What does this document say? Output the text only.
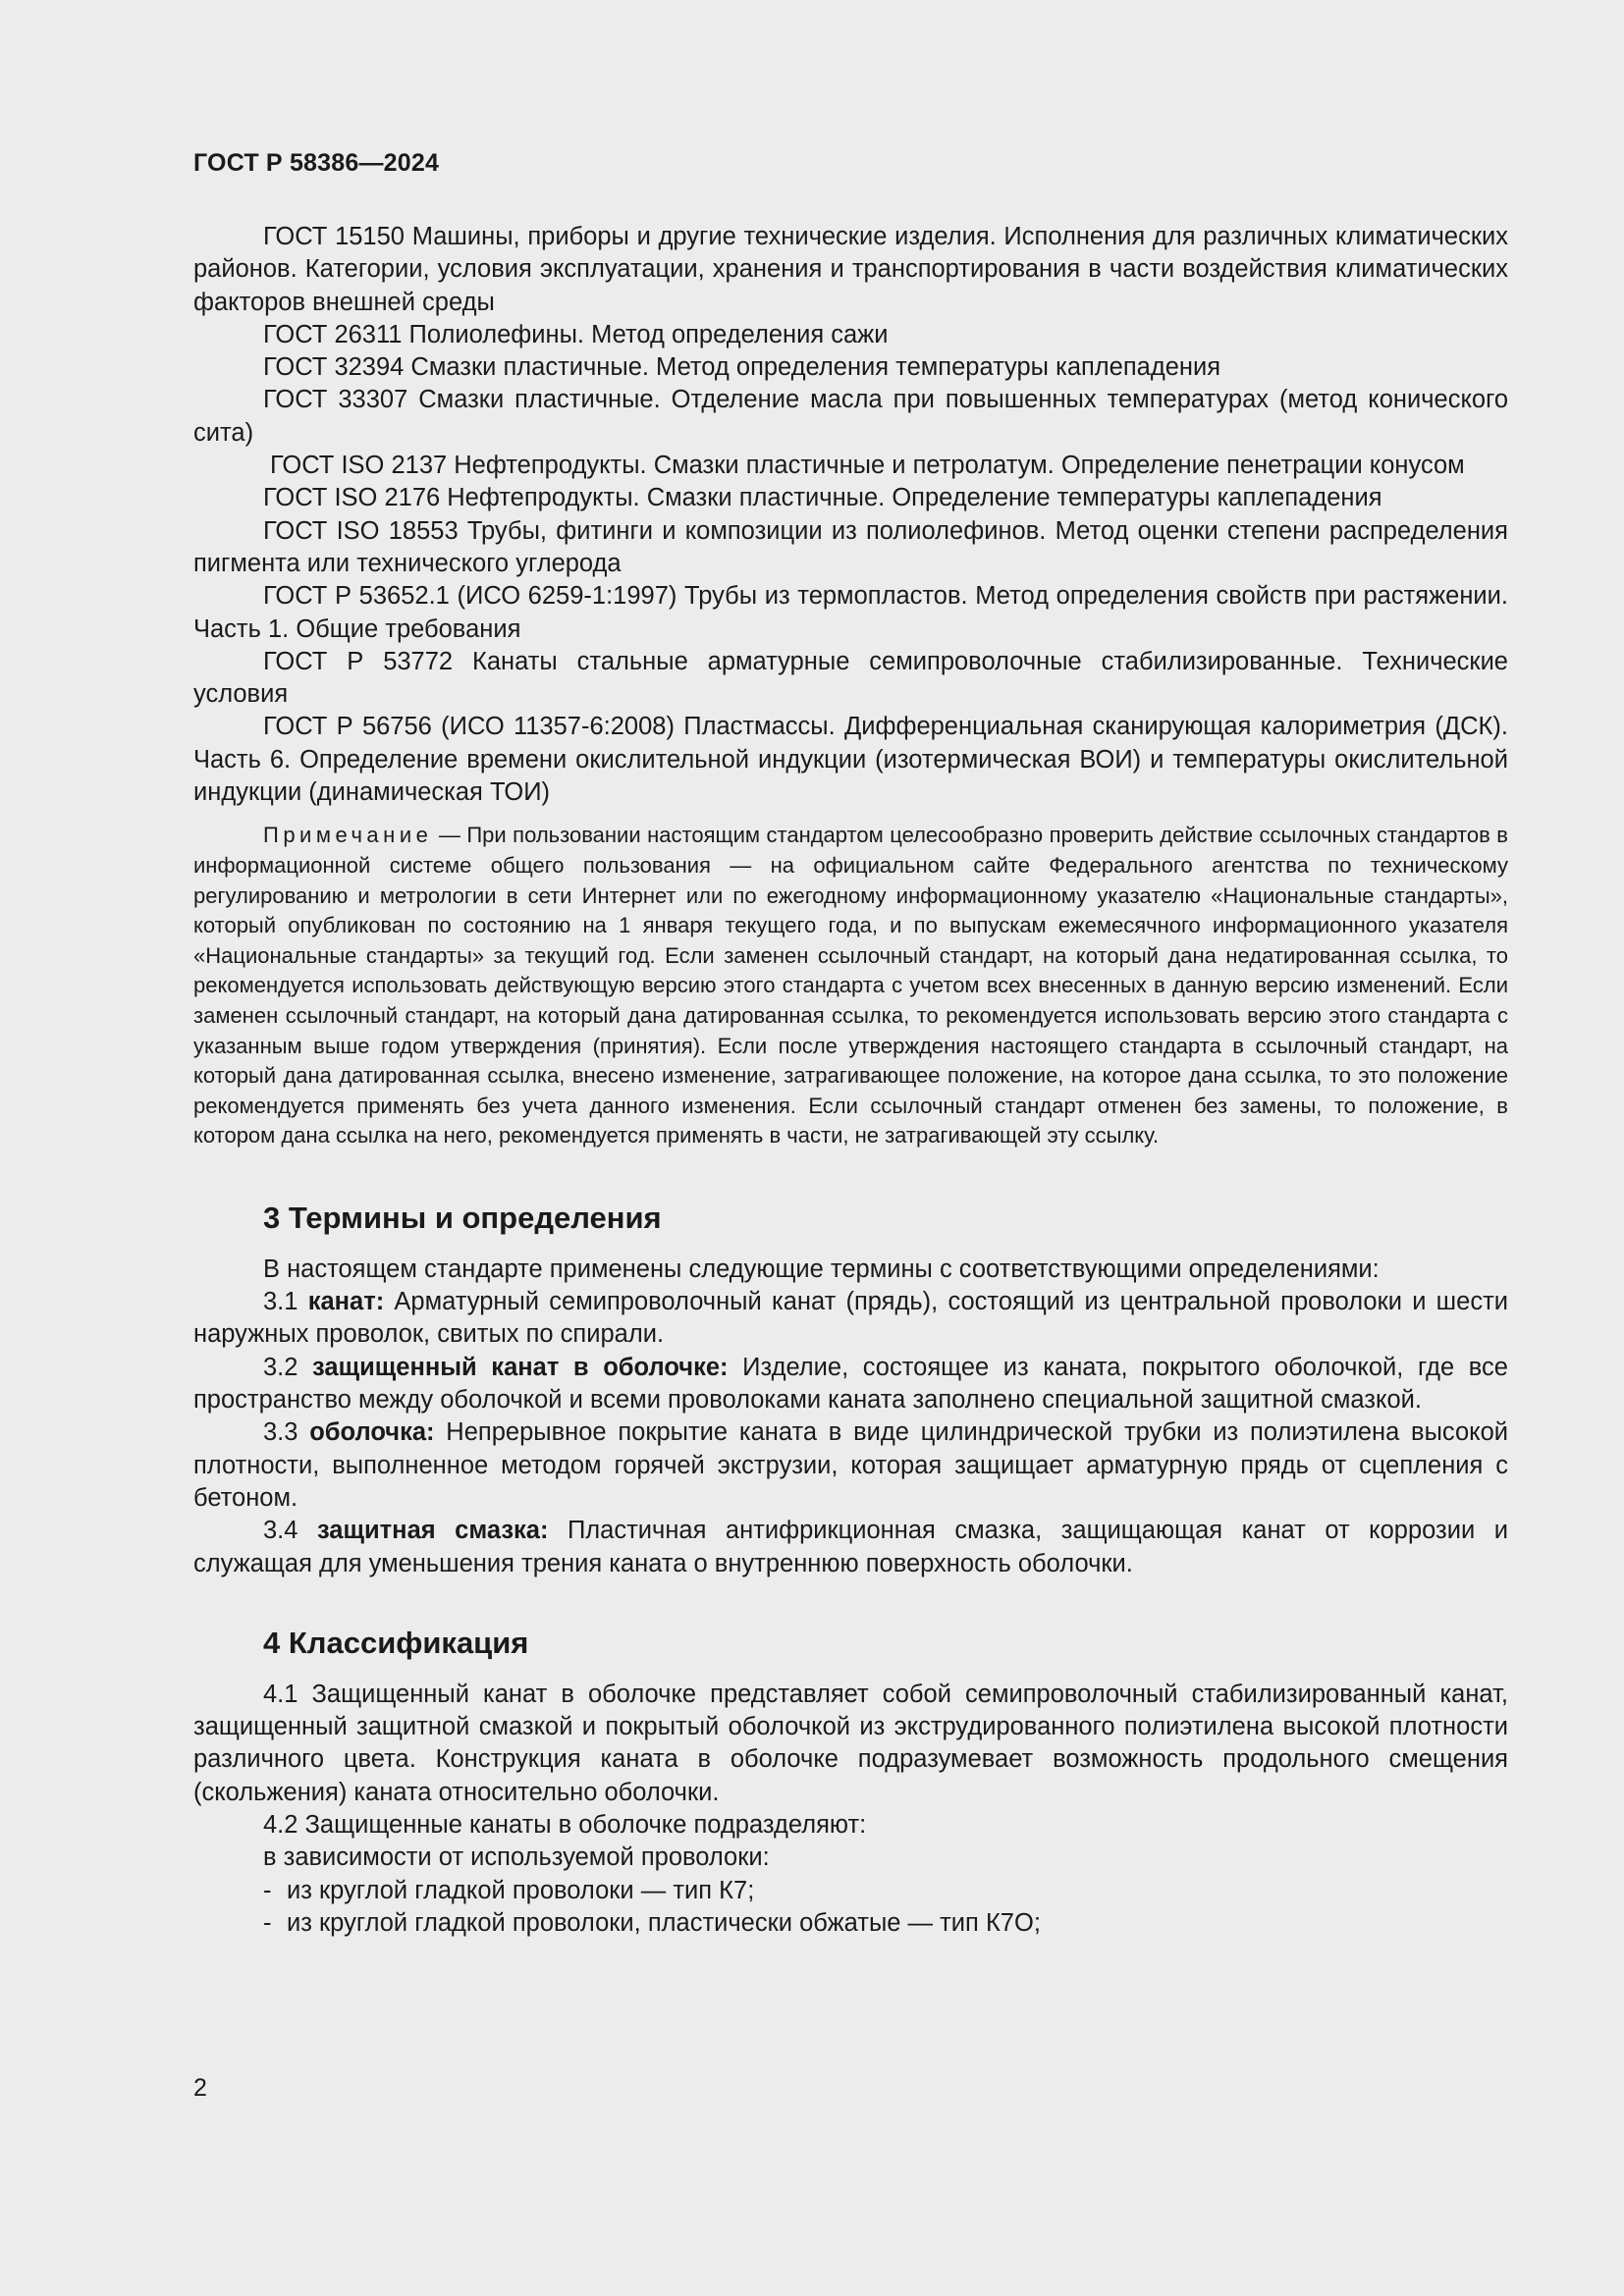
ГОСТ Р 58386—2024

ГОСТ 15150 Машины, приборы и другие технические изделия. Исполнения для различных климатических районов. Категории, условия эксплуатации, хранения и транспортирования в части воздействия климатических факторов внешней среды

ГОСТ 26311 Полиолефины. Метод определения сажи

ГОСТ 32394 Смазки пластичные. Метод определения температуры каплепадения

ГОСТ 33307 Смазки пластичные. Отделение масла при повышенных температурах (метод конического сита)

ГОСТ ISO 2137 Нефтепродукты. Смазки пластичные и петролатум. Определение пенетрации конусом

ГОСТ ISO 2176 Нефтепродукты. Смазки пластичные. Определение температуры каплепадения

ГОСТ ISO 18553 Трубы, фитинги и композиции из полиолефинов. Метод оценки степени распределения пигмента или технического углерода

ГОСТ Р 53652.1 (ИСО 6259-1:1997) Трубы из термопластов. Метод определения свойств при растяжении. Часть 1. Общие требования

ГОСТ Р 53772 Канаты стальные арматурные семипроволочные стабилизированные. Технические условия

ГОСТ Р 56756 (ИСО 11357-6:2008) Пластмассы. Дифференциальная сканирующая калориметрия (ДСК). Часть 6. Определение времени окислительной индукции (изотермическая ВОИ) и температуры окислительной индукции (динамическая ТОИ)

Примечание — При пользовании настоящим стандартом целесообразно проверить действие ссылочных стандартов в информационной системе общего пользования — на официальном сайте Федерального агентства по техническому регулированию и метрологии в сети Интернет или по ежегодному информационному указателю «Национальные стандарты», который опубликован по состоянию на 1 января текущего года, и по выпускам ежемесячного информационного указателя «Национальные стандарты» за текущий год. Если заменен ссылочный стандарт, на который дана недатированная ссылка, то рекомендуется использовать действующую версию этого стандарта с учетом всех внесенных в данную версию изменений. Если заменен ссылочный стандарт, на который дана датированная ссылка, то рекомендуется использовать версию этого стандарта с указанным выше годом утверждения (принятия). Если после утверждения настоящего стандарта в ссылочный стандарт, на который дана датированная ссылка, внесено изменение, затрагивающее положение, на которое дана ссылка, то это положение рекомендуется применять без учета данного изменения. Если ссылочный стандарт отменен без замены, то положение, в котором дана ссылка на него, рекомендуется применять в части, не затрагивающей эту ссылку.

3 Термины и определения

В настоящем стандарте применены следующие термины с соответствующими определениями:

3.1 канат: Арматурный семипроволочный канат (прядь), состоящий из центральной проволоки и шести наружных проволок, свитых по спирали.

3.2 защищенный канат в оболочке: Изделие, состоящее из каната, покрытого оболочкой, где все пространство между оболочкой и всеми проволоками каната заполнено специальной защитной смазкой.

3.3 оболочка: Непрерывное покрытие каната в виде цилиндрической трубки из полиэтилена высокой плотности, выполненное методом горячей экструзии, которая защищает арматурную прядь от сцепления с бетоном.

3.4 защитная смазка: Пластичная антифрикционная смазка, защищающая канат от коррозии и служащая для уменьшения трения каната о внутреннюю поверхность оболочки.

4 Классификация

4.1 Защищенный канат в оболочке представляет собой семипроволочный стабилизированный канат, защищенный защитной смазкой и покрытый оболочкой из экструдированного полиэтилена высокой плотности различного цвета. Конструкция каната в оболочке подразумевает возможность продольного смещения (скольжения) каната относительно оболочки.

4.2 Защищенные канаты в оболочке подразделяют:

в зависимости от используемой проволоки:

- из круглой гладкой проволоки — тип К7;
- из круглой гладкой проволоки, пластически обжатые — тип К7О;
2
